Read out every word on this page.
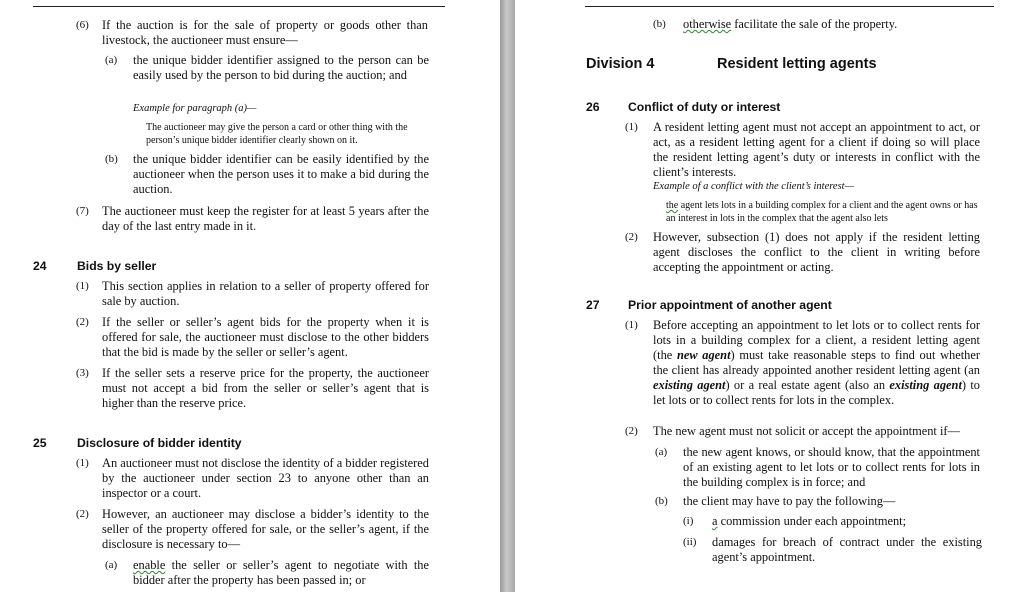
(6) If the auction is for the sale of property or goods other than livestock, the auctioneer must ensure—
(a) the unique bidder identifier assigned to the person can be easily used by the person to bid during the auction; and
Example for paragraph (a)—
The auctioneer may give the person a card or other thing with the person’s unique bidder identifier clearly shown on it.
(b) the unique bidder identifier can be easily identified by the auctioneer when the person uses it to make a bid during the auction.
(7) The auctioneer must keep the register for at least 5 years after the day of the last entry made in it.
24 Bids by seller
(1) This section applies in relation to a seller of property offered for sale by auction.
(2) If the seller or seller’s agent bids for the property when it is offered for sale, the auctioneer must disclose to the other bidders that the bid is made by the seller or seller’s agent.
(3) If the seller sets a reserve price for the property, the auctioneer must not accept a bid from the seller or seller’s agent that is higher than the reserve price.
25 Disclosure of bidder identity
(1) An auctioneer must not disclose the identity of a bidder registered by the auctioneer under section 23 to anyone other than an inspector or a court.
(2) However, an auctioneer may disclose a bidder’s identity to the seller of the property offered for sale, or the seller’s agent, if the disclosure is necessary to—
(a) enable the seller or seller’s agent to negotiate with the bidder after the property has been passed in; or
(b) otherwise facilitate the sale of the property.
Division 4	Resident letting agents
26 Conflict of duty or interest
(1) A resident letting agent must not accept an appointment to act, or act, as a resident letting agent for a client if doing so will place the resident letting agent’s duty or interests in conflict with the client’s interests.
Example of a conflict with the client’s interest—
the agent lets lots in a building complex for a client and the agent owns or has an interest in lots in the complex that the agent also lets
(2) However, subsection (1) does not apply if the resident letting agent discloses the conflict to the client in writing before accepting the appointment or acting.
27 Prior appointment of another agent
(1) Before accepting an appointment to let lots or to collect rents for lots in a building complex for a client, a resident letting agent (the new agent) must take reasonable steps to find out whether the client has already appointed another resident letting agent (an existing agent) or a real estate agent (also an existing agent) to let lots or to collect rents for lots in the complex.
(2) The new agent must not solicit or accept the appointment if—
(a) the new agent knows, or should know, that the appointment of an existing agent to let lots or to collect rents for lots in the building complex is in force; and
(b) the client may have to pay the following—
(i) a commission under each appointment;
(ii) damages for breach of contract under the existing agent’s appointment.
